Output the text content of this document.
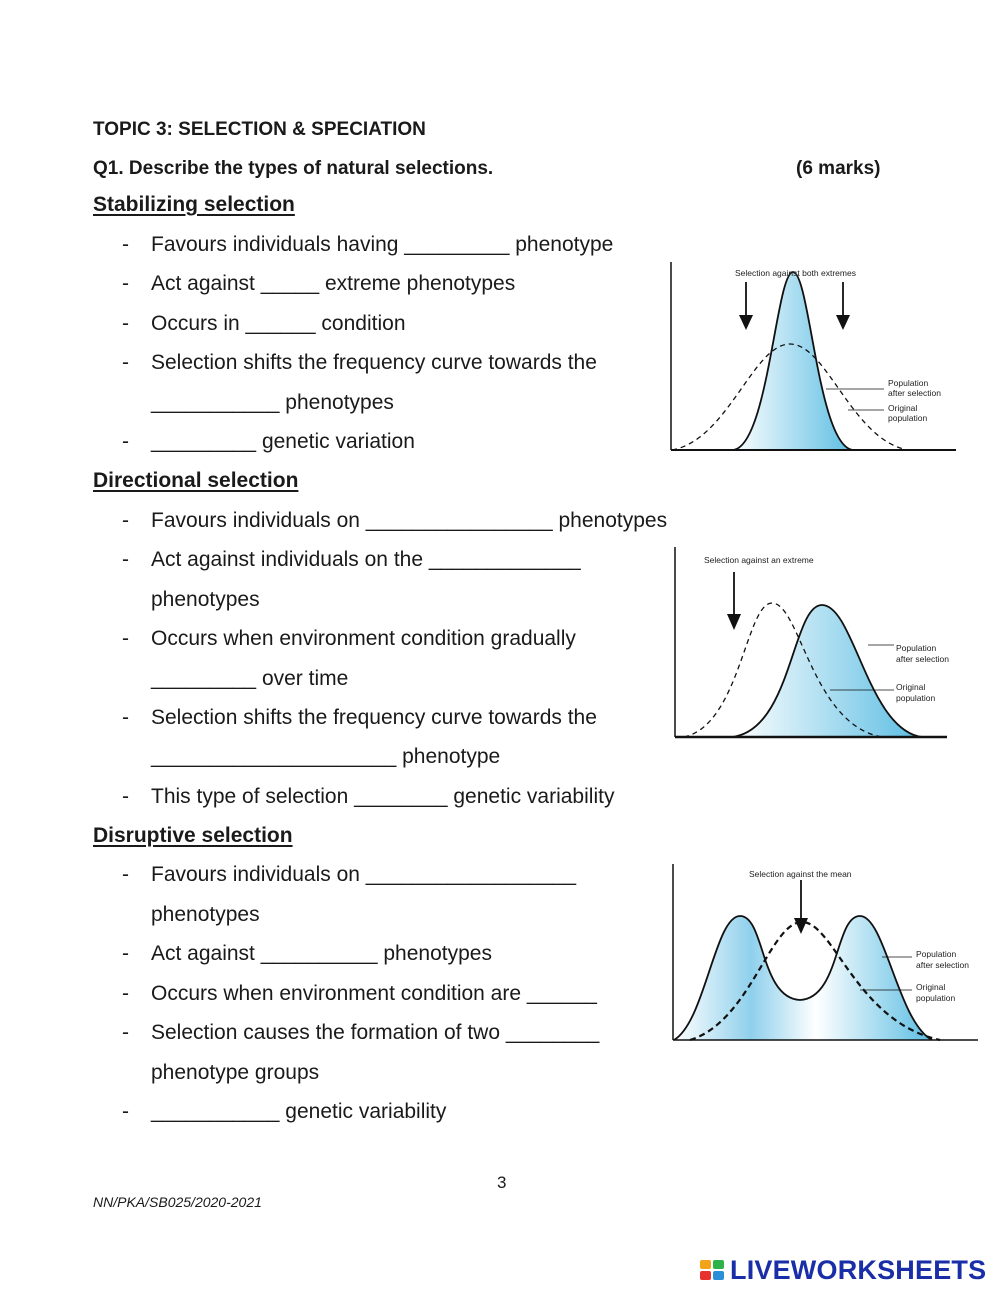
TOPIC 3: SELECTION & SPECIATION
Q1. Describe the types of natural selections.	(6 marks)
Stabilizing selection
- Favours individuals having _________ phenotype
- Act against _____ extreme phenotypes
- Occurs in ______ condition
- Selection shifts the frequency curve towards the
___________ phenotypes
- _________ genetic variation
Directional selection
- Favours individuals on ________________ phenotypes
- Act against individuals on the _____________
phenotypes
- Occurs when environment condition gradually
_________ over time
- Selection shifts the frequency curve towards the
_____________________ phenotype
- This type of selection ________ genetic variability
Disruptive selection
- Favours individuals on __________________
phenotypes
- Act against __________ phenotypes
- Occurs when environment condition are ______
- Selection causes the formation of two ________
phenotype groups
- ___________ genetic variability
Selection against both extremes
Population
after selection
Original
population
Selection against an extreme
Population
after selection
Original
population
Selection against the mean
Population
after selection
Original
population
3
NN/PKA/SB025/2020-2021
LIVEWORKSHEETS
